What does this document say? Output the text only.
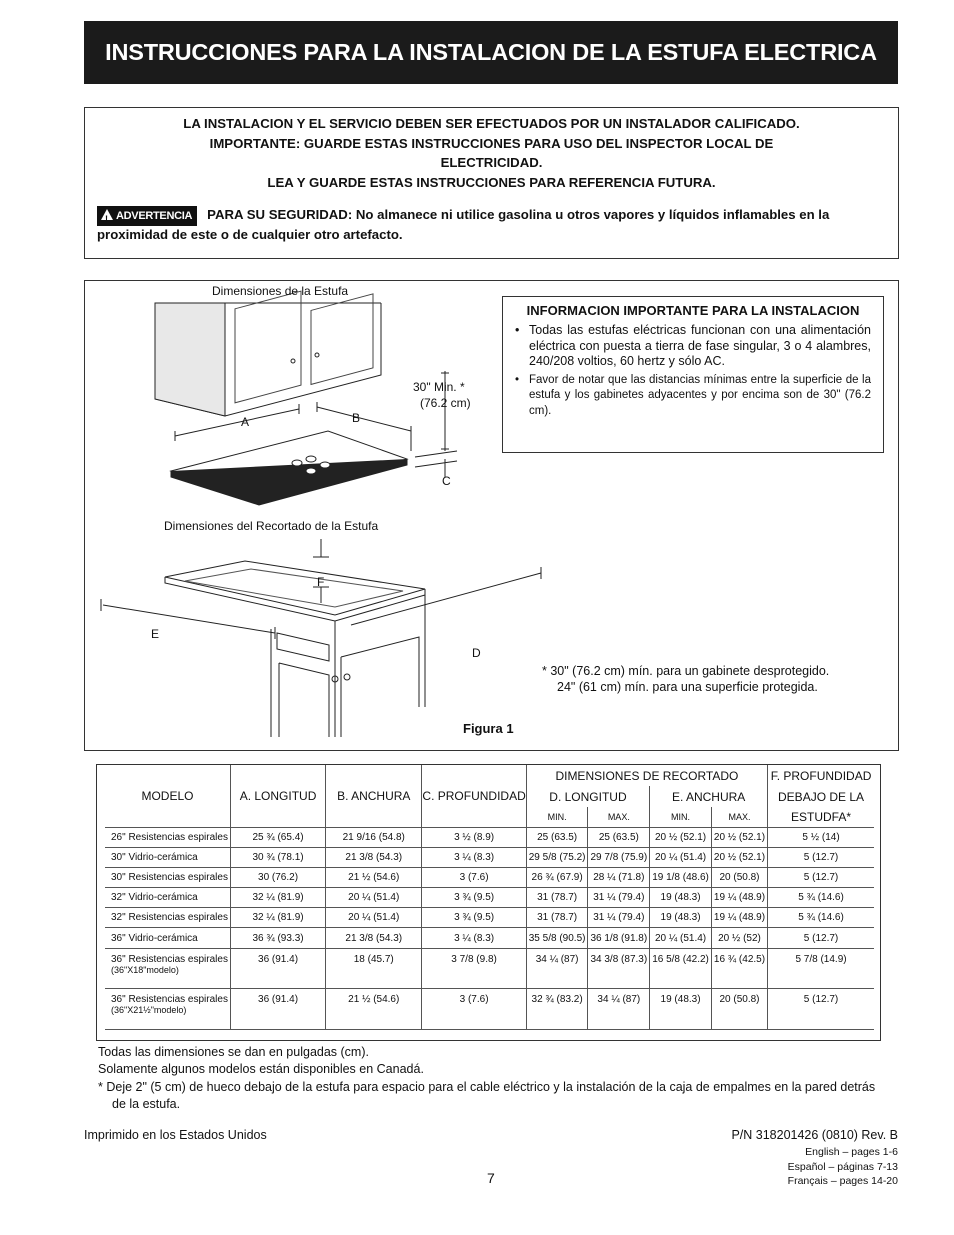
INSTRUCCIONES PARA LA INSTALACION DE LA ESTUFA ELECTRICA
LA INSTALACION Y EL SERVICIO DEBEN SER EFECTUADOS POR UN INSTALADOR CALIFICADO.
IMPORTANTE: GUARDE ESTAS INSTRUCCIONES PARA USO DEL INSPECTOR LOCAL DE
ELECTRICIDAD.
LEA Y GUARDE ESTAS INSTRUCCIONES PARA REFERENCIA FUTURA.
!ADVERTENCIA PARA SU SEGURIDAD: No almanece ni utilice gasolina u otros vapores y líquidos inflamables en la proximidad de este o de cualquier otro artefacto.
Dimensiones de la Estufa
30" Min. *
(76.2 cm)
A	B
C
Dimensiones del Recortado de la Estufa
F
E
D
INFORMACION IMPORTANTE PARA LA INSTALACION
• Todas las estufas eléctricas funcionan con una alimentación eléctrica con puesta a tierra de fase singular, 3 o 4 alambres, 240/208 voltios, 60 hertz y sólo AC.
• Favor de notar que las distancias mínimas entre la superficie de la estufa y los gabinetes adyacentes y por encima son de 30" (76.2 cm).
* 30" (76.2 cm) mín. para un gabinete desprotegido.
24" (61 cm) mín. para una superficie protegida.
Figura 1
MODELO	A. LONGITUD	B. ANCHURA	C. PROFUNDIDAD	DIMENSIONES DE RECORTADO				F. PROFUNDIDAD
				D. LONGITUD		E. ANCHURA		DEBAJO DE LA
				MIN.	MAX.	MIN.	MAX.	ESTUDFA*
26" Resistencias espirales	25 ¾ (65.4)	21 9/16 (54.8)	3 ½ (8.9)	25 (63.5)	25 (63.5)	20 ½ (52.1)	20 ½ (52.1)	5 ½ (14)
30" Vidrio-cerámica	30 ¾ (78.1)	21 3/8 (54.3)	3 ¼ (8.3)	29 5/8 (75.2)	29 7/8 (75.9)	20 ¼ (51.4)	20 ½ (52.1)	5 (12.7)
30" Resistencias espirales	30 (76.2)	21 ½ (54.6)	3 (7.6)	26 ¾ (67.9)	28 ¼ (71.8)	19 1/8 (48.6)	20 (50.8)	5 (12.7)
32" Vidrio-cerámica	32 ¼ (81.9)	20 ¼ (51.4)	3 ¾ (9.5)	31 (78.7)	31 ¼ (79.4)	19 (48.3)	19 ¼ (48.9)	5 ¾ (14.6)
32" Resistencias espirales	32 ¼ (81.9)	20 ¼ (51.4)	3 ¾ (9.5)	31 (78.7)	31 ¼ (79.4)	19 (48.3)	19 ¼ (48.9)	5 ¾ (14.6)
36" Vidrio-cerámica	36 ¾ (93.3)	21 3/8 (54.3)	3 ¼ (8.3)	35 5/8 (90.5)	36 1/8 (91.8)	20 ¼ (51.4)	20 ½ (52)	5 (12.7)
36" Resistencias espirales
(36"X18"modelo)	36 (91.4)	18 (45.7)	3 7/8 (9.8)	34 ¼ (87)	34 3/8 (87.3)	16 5/8 (42.2)	16 ¾ (42.5)	5 7/8 (14.9)
36" Resistencias espirales
(36"X21½"modelo)	36 (91.4)	21 ½ (54.6)	3 (7.6)	32 ¾ (83.2)	34 ¼ (87)	19 (48.3)	20 (50.8)	5 (12.7)
Todas las dimensiones se dan en pulgadas (cm).
Solamente algunos modelos están disponibles en Canadá.
* Deje 2" (5 cm) de hueco debajo de la estufa para espacio para el cable eléctrico y la instalación de la caja de empalmes en la pared detrás de la estufa.
Imprimido en los Estados Unidos
7
P/N 318201426 (0810) Rev. B
English – pages 1-6
Español – páginas 7-13
Français – pages 14-20
